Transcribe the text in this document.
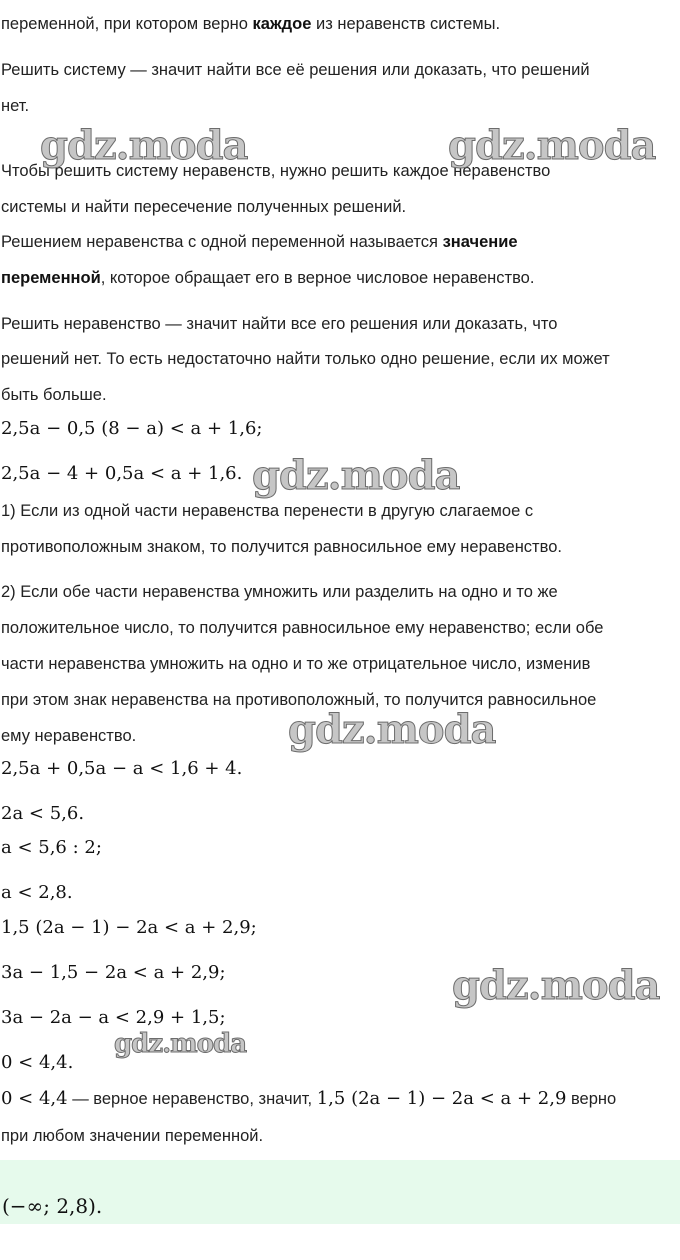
переменной, при котором верно каждое из неравенств системы.
Решить систему — значит найти все её решения или доказать, что решений
нет.
Чтобы решить систему неравенств, нужно решить каждое неравенство
системы и найти пересечение полученных решений.
Решением неравенства с одной переменной называется значение
переменной, которое обращает его в верное числовое неравенство.
Решить неравенство — значит найти все его решения или доказать, что
решений нет. То есть недостаточно найти только одно решение, если их может
быть больше.
2,5a − 0,5 (8 − a) < a + 1,6;
2,5a − 4 + 0,5a < a + 1,6.
1) Если из одной части неравенства перенести в другую слагаемое с
противоположным знаком, то получится равносильное ему неравенство.
2) Если обе части неравенства умножить или разделить на одно и то же
положительное число, то получится равносильное ему неравенство; если обе
части неравенства умножить на одно и то же отрицательное число, изменив
при этом знак неравенства на противоположный, то получится равносильное
ему неравенство.
2,5a + 0,5a − a < 1,6 + 4.
2a < 5,6.
a < 5,6 : 2;
a < 2,8.
1,5 (2a − 1) − 2a < a + 2,9;
3a − 1,5 − 2a < a + 2,9;
3a − 2a − a < 2,9 + 1,5;
0 < 4,4.
0 < 4,4 — верное неравенство, значит, 1,5 (2a − 1) − 2a < a + 2,9 верно
при любом значении переменной.
(−∞; 2,8).
gdz.moda	gdz.moda
gdz.moda
gdz.moda
gdz.moda
gdz.moda
